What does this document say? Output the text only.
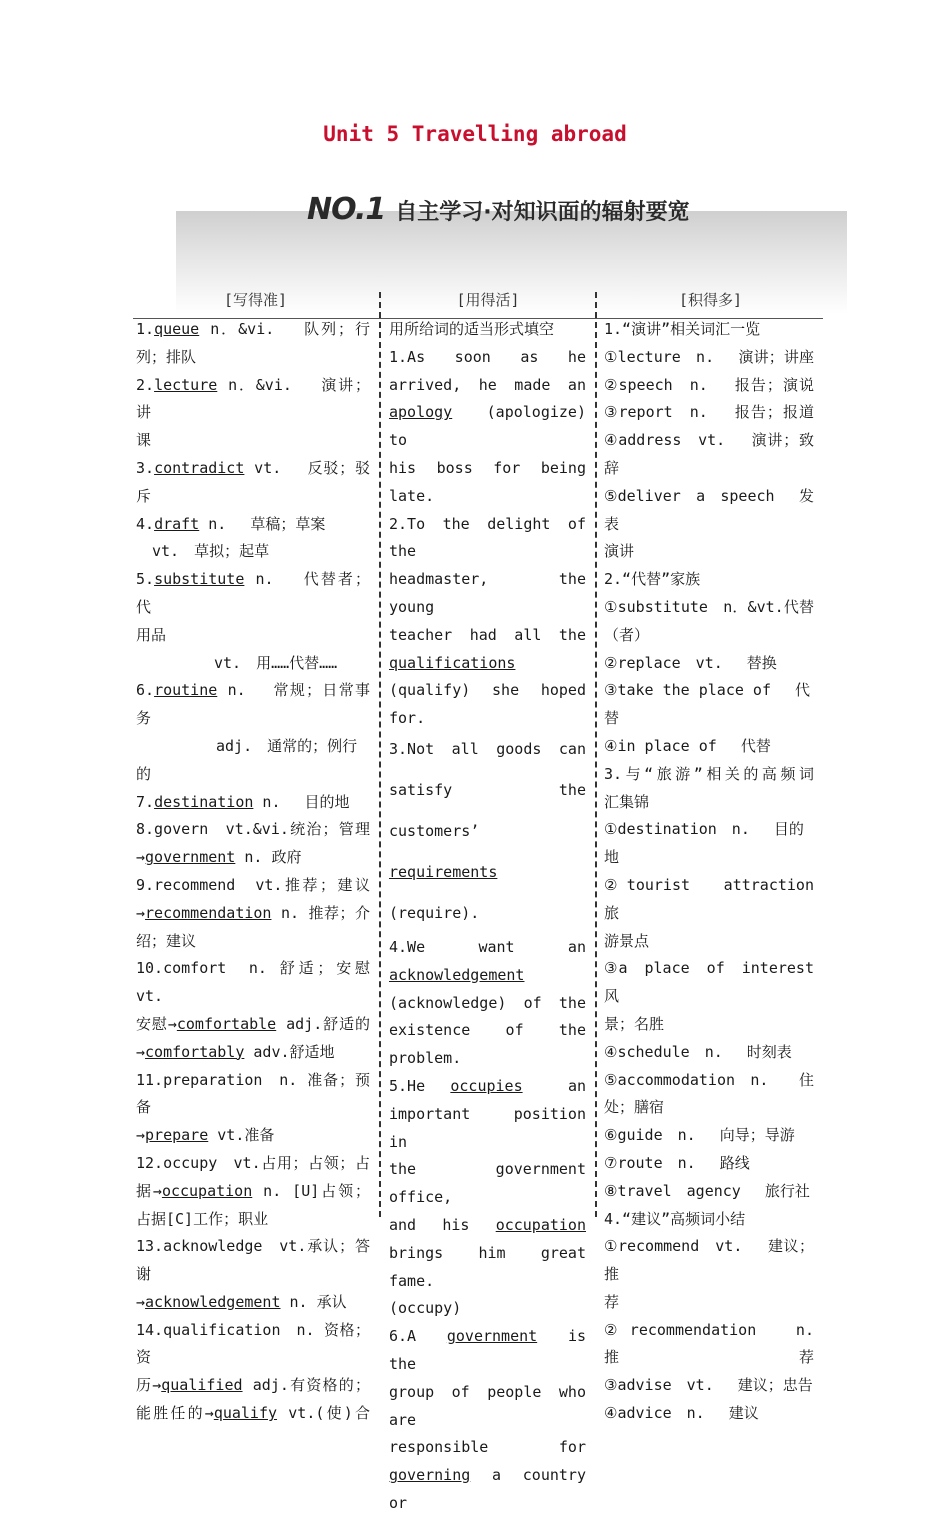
Unit 5 Travelling abroad
NO.1 自主学习·对知识面的辐射要宽
[写得准]	[用得活]	[积得多]

1.queue n．&vi.　 队列；行

列；排队

2.lecture n．&vi.　 演讲；讲

课

3.contradict vt.　 反驳；驳斥

4.draft n.　 草稿；草案

vt.　草拟；起草

5.substitute n.　 代替者；代

用品

vt.　用……代替……

6.routine n.　 常规；日常事务

adj.　通常的；例行

的

7.destination n.　 目的地

8.govern　vt.&vi.统治；管理

→government n. 政府

9.recommend　vt.推荐；建议

→recommendation n. 推荐；介

绍；建议

10.comfort　n. 舒适；安慰　vt.

安慰→comfortable adj.舒适的

→comfortably adv.舒适地

11.preparation　n. 准备；预备

→prepare vt.准备

12.occupy　vt.占用；占领；占

据→occupation n. [U]占领；

占据[C]工作；职业

13.acknowledge　vt.承认；答谢

→acknowledgement n. 承认

14.qualification　n. 资格；资

历→qualified adj.有资格的；

能胜任的→qualify vt.(使)合

用所给词的适当形式填空

1.As　soon　as　he

arrived,　he　made　an

apology　(apologize)　to

his　boss　for　being

late.

2.To the delight of the

headmaster,　the　young

teacher　had　all　the

qualifications

(qualify)　she　hoped

for.

3.Not　all　goods　can

satisfy　the　customers’

requirements

(require).

4.We　　want　　an

acknowledgement

(acknowledge)　of　the

existence　　of　　the

problem.

5.He　occupies　　an

important　position　in

the　government　office,

and　his　occupation

brings　him　great　fame.

(occupy)

6.A　government　is　the

group　of　people　who　are

responsible　　　　for

governing　a　country　or

1.“演讲”相关词汇一览

①lecture　n.　 演讲；讲座

②speech　n.　 报告；演说

③report　n.　 报告；报道

④address　vt.　 演讲；致辞

⑤deliver　a　speech　 发表

演讲

2.“代替”家族

①substitute　n．&vt.代替

（者）

②replace　vt.　 替换

③take the place of　 代替

④in place of　 代替

3.与“旅游”相关的高频词

汇集锦

①destination　n.　 目的地

②tourist　attraction　 旅

游景点

③a　place　of　interest　 风

景；名胜

④schedule　n.　 时刻表

⑤accommodation　n.　　住

处；膳宿

⑥guide　n.　 向导；导游

⑦route　n.　 路线

⑧travel　agency　 旅行社

4.“建议”高频词小结

①recommend　vt.　 建议；推

荐

②recommendation　n.　 推荐

③advise　vt.　 建议；忠告

④advice　n.　 建议
